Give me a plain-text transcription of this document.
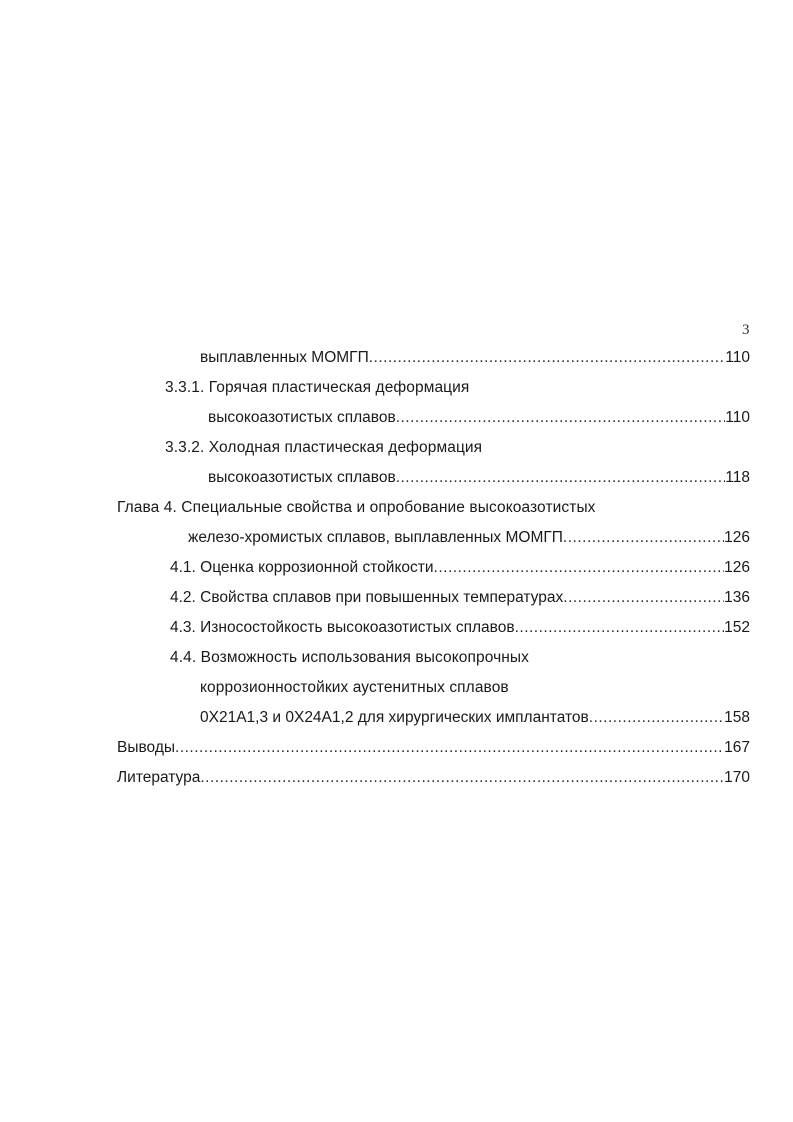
3
выплавленных МОМГП .....	110
3.3.1. Горячая пластическая деформация
высокоазотистых сплавов .....	110
3.3.2. Холодная пластическая деформация
высокоазотистых сплавов .....	118
Глава 4. Специальные свойства и опробование высокоазотистых
железо-хромистых сплавов, выплавленных МОМГП .....	126
4.1. Оценка коррозионной стойкости .....	126
4.2. Свойства сплавов при повышенных температурах .....	136
4.3. Износостойкость высокоазотистых сплавов .....	152
4.4. Возможность использования высокопрочных
коррозионностойких аустенитных сплавов
0Х21А1,3 и 0Х24А1,2 для хирургических имплантатов .....	158
Выводы .....	167
Литература .....	170
